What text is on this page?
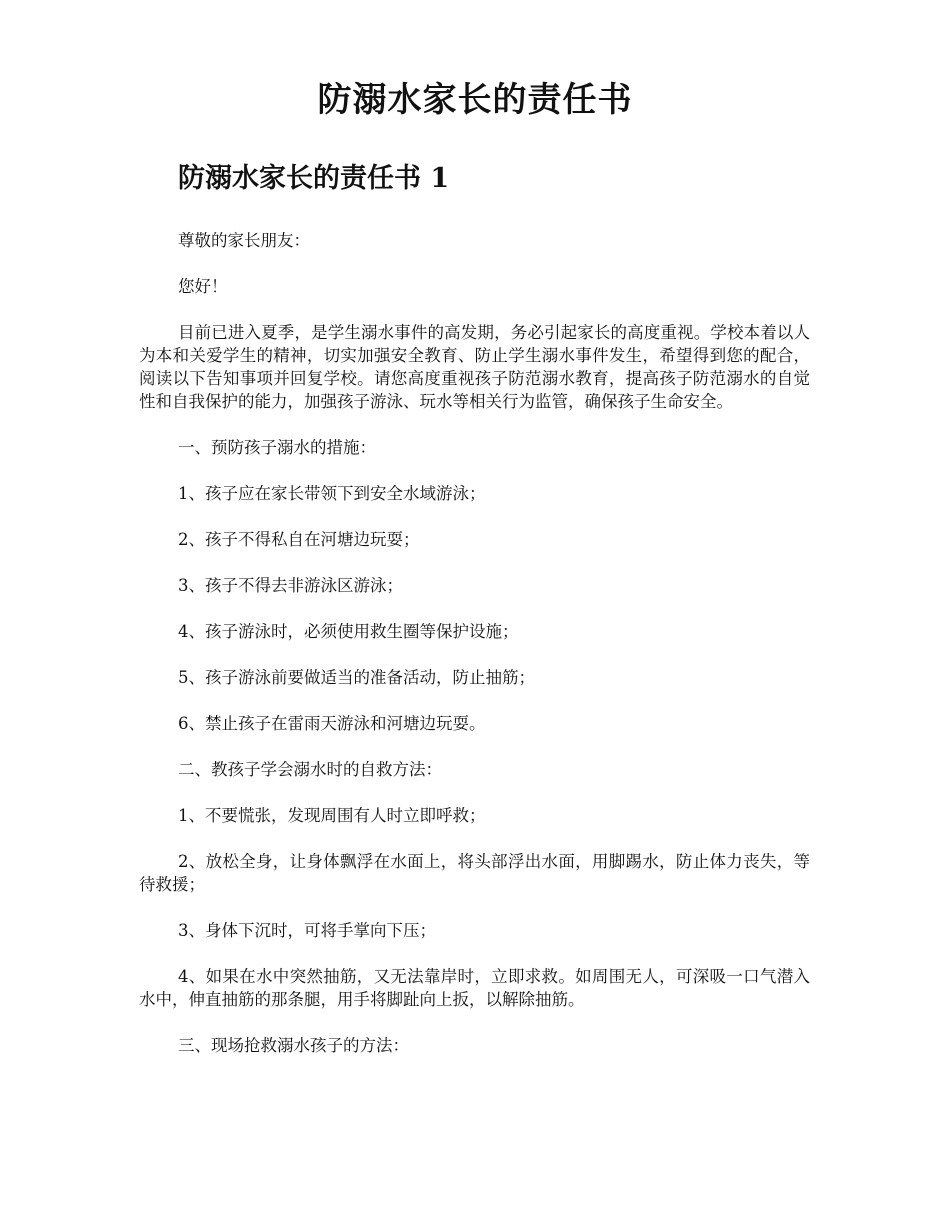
防溺水家长的责任书
防溺水家长的责任书 1

尊敬的家长朋友：

您好！

目前已进入夏季，是学生溺水事件的高发期，务必引起家长的高度重视。学校本着以人为本和关爱学生的精神，切实加强安全教育、防止学生溺水事件发生，希望得到您的配合，阅读以下告知事项并回复学校。请您高度重视孩子防范溺水教育，提高孩子防范溺水的自觉性和自我保护的能力，加强孩子游泳、玩水等相关行为监管，确保孩子生命安全。

一、预防孩子溺水的措施：

1、孩子应在家长带领下到安全水域游泳；

2、孩子不得私自在河塘边玩耍；

3、孩子不得去非游泳区游泳；

4、孩子游泳时，必须使用救生圈等保护设施；

5、孩子游泳前要做适当的准备活动，防止抽筋；

6、禁止孩子在雷雨天游泳和河塘边玩耍。

二、教孩子学会溺水时的自救方法：

1、不要慌张，发现周围有人时立即呼救；

2、放松全身，让身体飘浮在水面上，将头部浮出水面，用脚踢水，防止体力丧失，等待救援；

3、身体下沉时，可将手掌向下压；

4、如果在水中突然抽筋，又无法靠岸时，立即求救。如周围无人，可深吸一口气潜入水中，伸直抽筋的那条腿，用手将脚趾向上扳，以解除抽筋。

三、现场抢救溺水孩子的方法：
